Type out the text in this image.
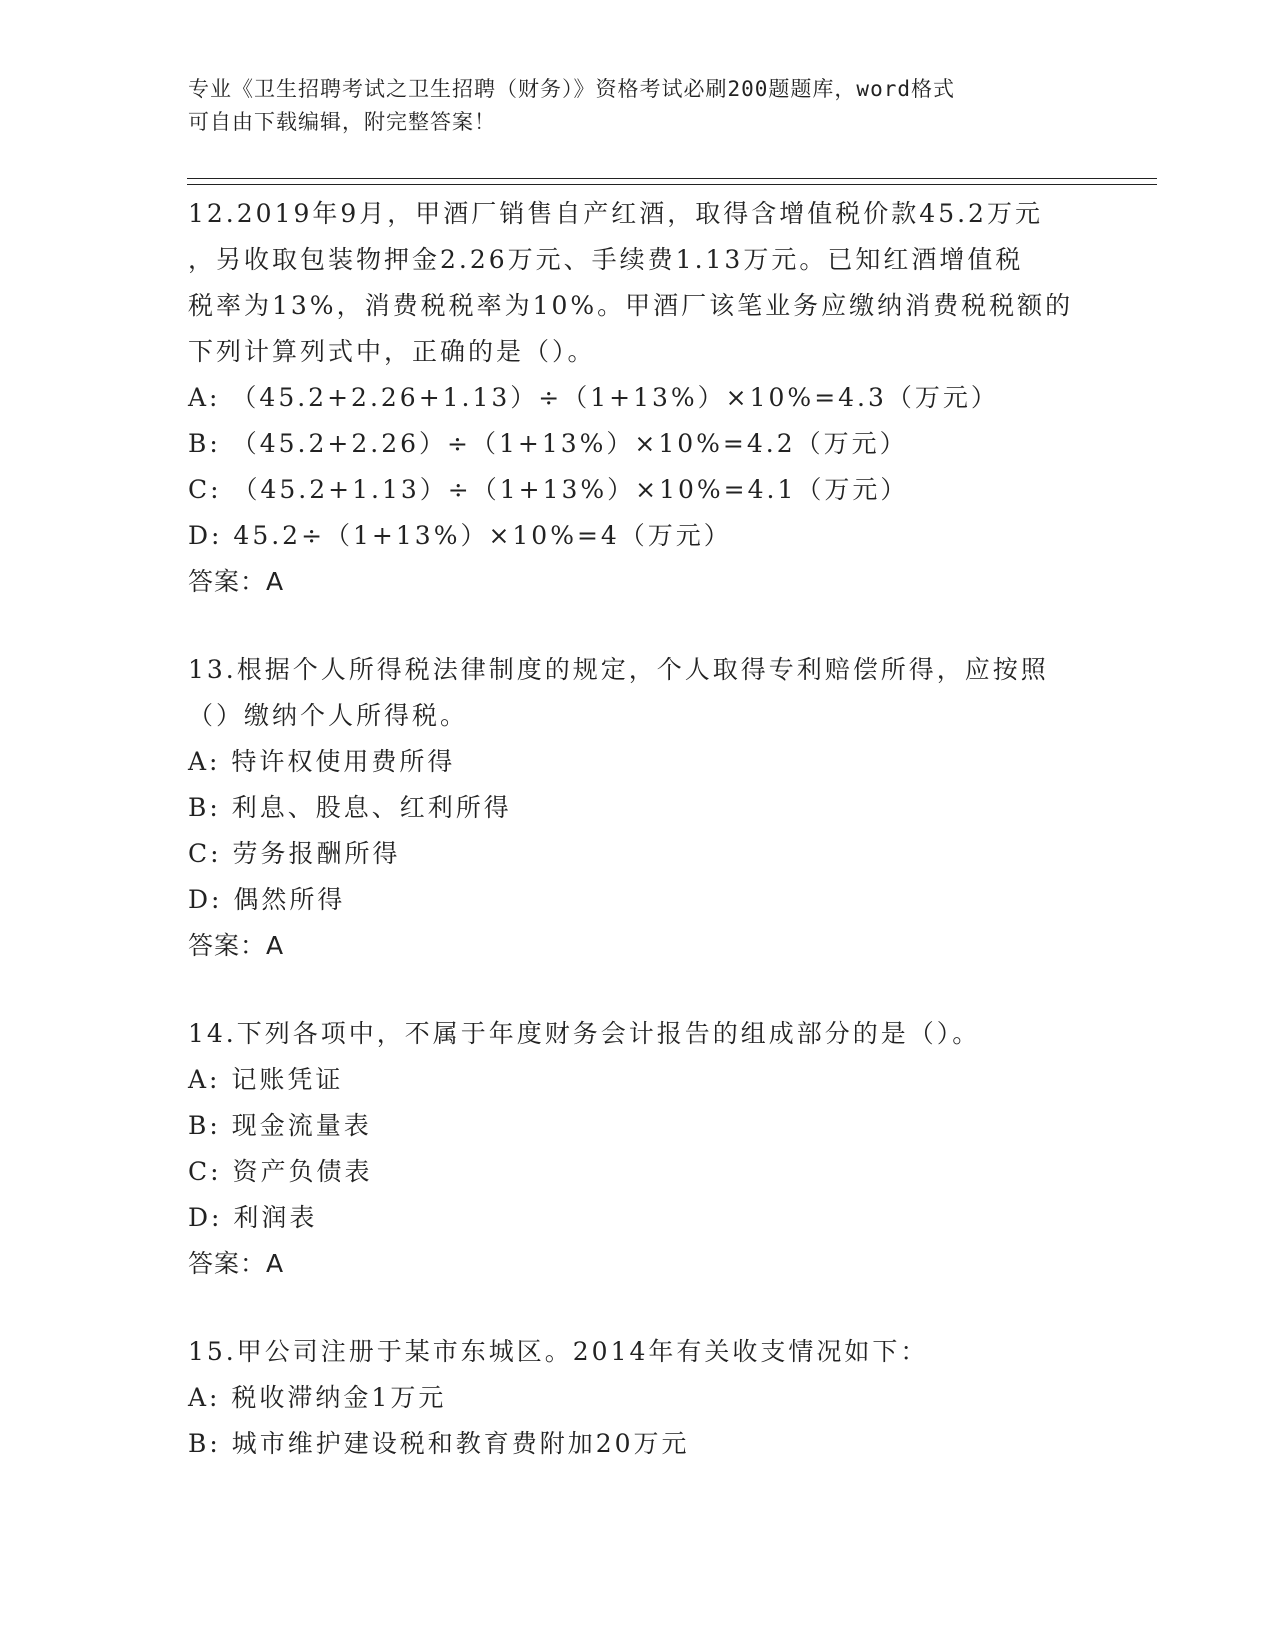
专业《卫生招聘考试之卫生招聘（财务）》资格考试必刷200题题库，word格式
可自由下载编辑，附完整答案！
12.2019年9月，甲酒厂销售自产红酒，取得含增值税价款45.2万元
，另收取包装物押金2.26万元、手续费1.13万元。已知红酒增值税
税率为13%，消费税税率为10%。甲酒厂该笔业务应缴纳消费税税额的
下列计算列式中，正确的是（）。
A: （45.2+2.26+1.13）÷（1+13%）×10%=4.3（万元）
B: （45.2+2.26）÷（1+13%）×10%=4.2（万元）
C: （45.2+1.13）÷（1+13%）×10%=4.1（万元）
D: 45.2÷（1+13%）×10%=4（万元）
答案：A
13.根据个人所得税法律制度的规定，个人取得专利赔偿所得，应按照
（）缴纳个人所得税。
A: 特许权使用费所得
B: 利息、股息、红利所得
C: 劳务报酬所得
D: 偶然所得
答案：A
14.下列各项中，不属于年度财务会计报告的组成部分的是（）。
A: 记账凭证
B: 现金流量表
C: 资产负债表
D: 利润表
答案：A
15.甲公司注册于某市东城区。2014年有关收支情况如下：
A: 税收滞纳金1万元
B: 城市维护建设税和教育费附加20万元
